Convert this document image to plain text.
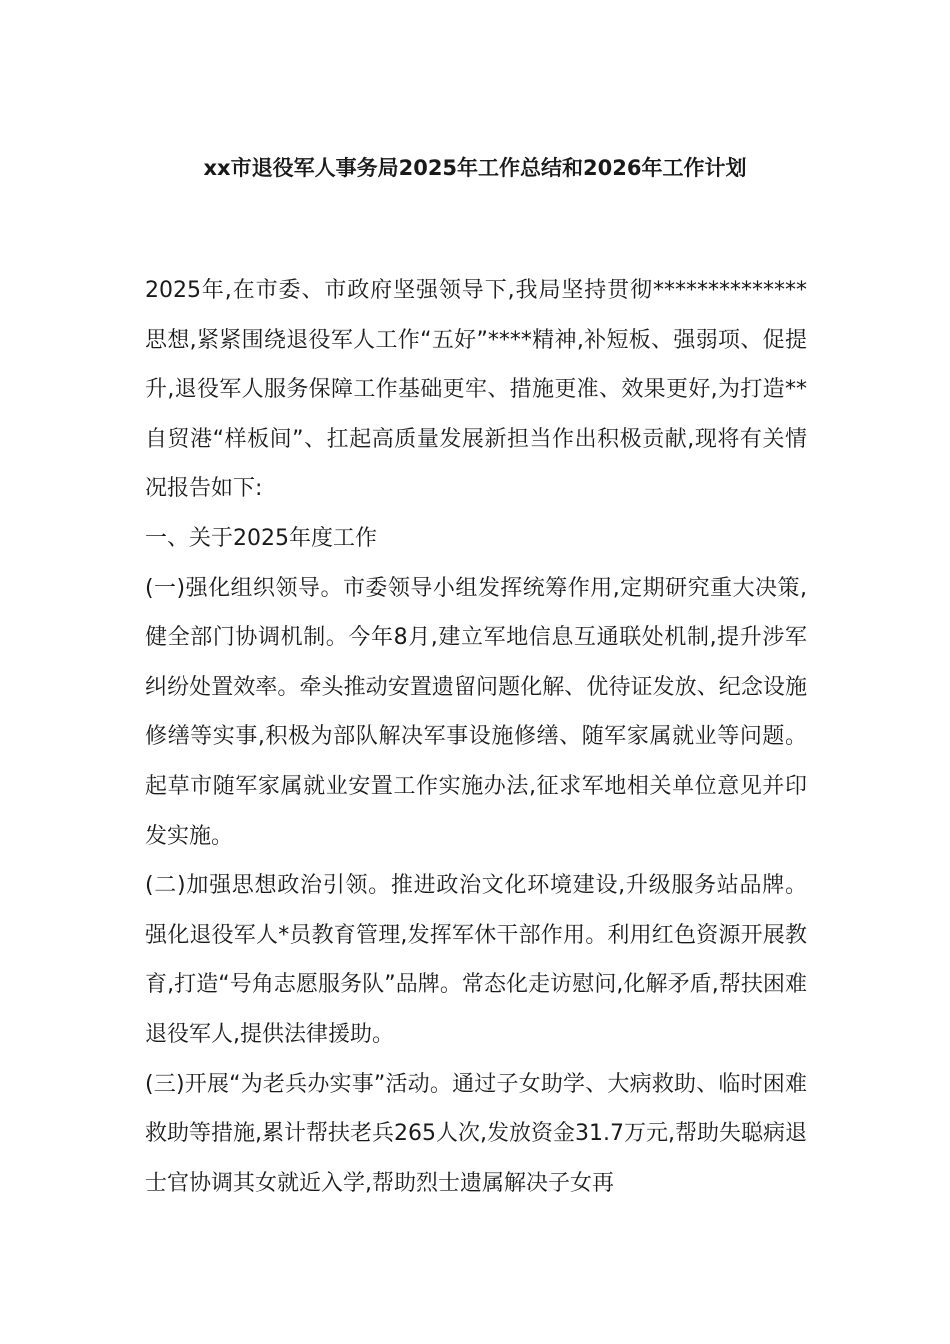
xx市退役军人事务局2025年工作总结和2026年工作计划

2025年,在市委、市政府坚强领导下,我局坚持贯彻**************思想,紧紧围绕退役军人工作“五好”****精神,补短板、强弱项、促提升,退役军人服务保障工作基础更牢、措施更准、效果更好,为打造**自贸港“样板间”、扛起高质量发展新担当作出积极贡献,现将有关情况报告如下:

一、关于2025年度工作

(一)强化组织领导。市委领导小组发挥统筹作用,定期研究重大决策,健全部门协调机制。今年8月,建立军地信息互通联处机制,提升涉军纠纷处置效率。牵头推动安置遗留问题化解、优待证发放、纪念设施修缮等实事,积极为部队解决军事设施修缮、随军家属就业等问题。起草市随军家属就业安置工作实施办法,征求军地相关单位意见并印发实施。

(二)加强思想政治引领。推进政治文化环境建设,升级服务站品牌。强化退役军人*员教育管理,发挥军休干部作用。利用红色资源开展教育,打造“号角志愿服务队”品牌。常态化走访慰问,化解矛盾,帮扶困难退役军人,提供法律援助。

(三)开展“为老兵办实事”活动。通过子女助学、大病救助、临时困难救助等措施,累计帮扶老兵265人次,发放资金31.7万元,帮助失聪病退士官协调其女就近入学,帮助烈士遗属解决子女再
